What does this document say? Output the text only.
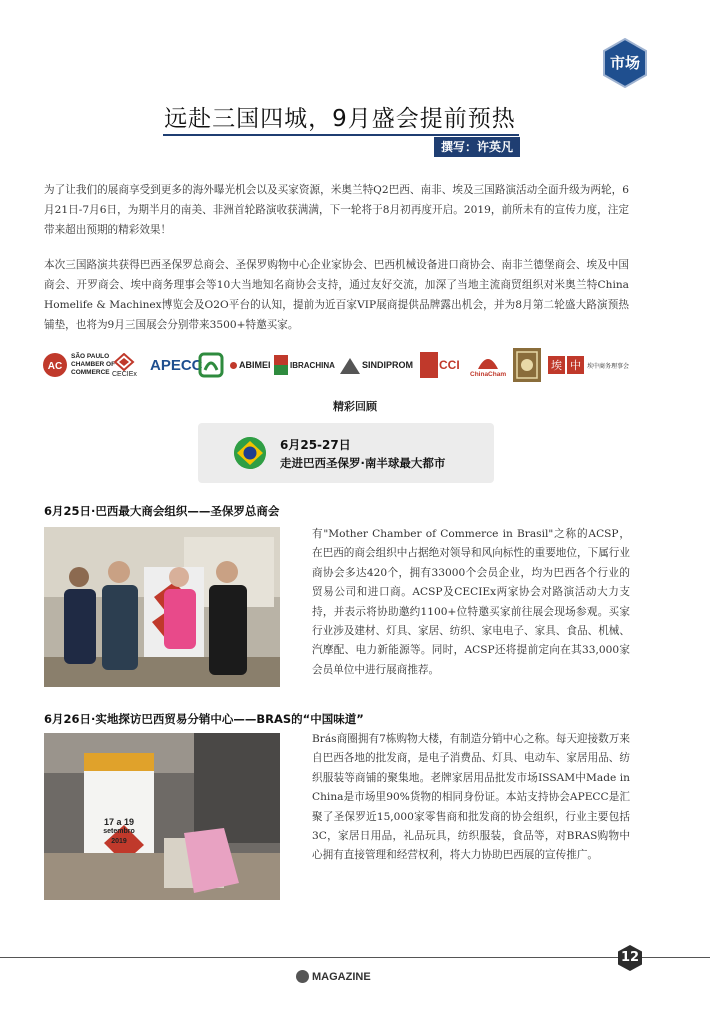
市场
远赴三国四城，9月盛会提前预热
撰写：许英凡
为了让我们的展商享受到更多的海外曝光机会以及买家资源，米奥兰特Q2巴西、南非、埃及三国路演活动全面升级为两轮，6月21日-7月6日，为期半月的南美、非洲首轮路演收获满满，下一轮将于8月初再度开启。2019，前所未有的宣传力度，注定带来超出预期的精彩效果！
本次三国路演共获得巴西圣保罗总商会、圣保罗购物中心企业家协会、巴西机械设备进口商协会、南非兰德堡商会、埃及中国商会、开罗商会、埃中商务理事会等10大当地知名商协会支持，通过友好交流，加深了当地主流商贸组织对米奥兰特China Homelife & Machinex博览会及O2O平台的认知，提前为近百家VIP展商提供品牌露出机会，并为8月第二轮盛大路演预热铺垫，也将为9月三国展会分别带来3500+特邀买家。
AC
SÃO PAULO
CHAMBER OF
COMMERCE CECIEx
APECC	ABIMEI IBRACHINA	SINDIPROM CCI
ChinaCham
埃 中 埃中商务理事会
精彩回顾
6月25-27日
走进巴西圣保罗·南半球最大都市
6月25日·巴西最大商会组织——圣保罗总商会
有"Mother Chamber of Commerce in Brasil"之称的ACSP，在巴西的商会组织中占据绝对领导和风向标性的重要地位，下属行业商协会多达420个，拥有33000个会员企业，均为巴西各个行业的贸易公司和进口商。ACSP及CECIEx两家协会对路演活动大力支持，并表示将协助邀约1100+位特邀买家前往展会现场参观。买家行业涉及建材、灯具、家居、纺织、家电电子、家具、食品、机械、汽摩配、电力新能源等。同时，ACSP还将提前定向在其33,000家会员单位中进行展商推荐。
6月26日·实地探访巴西贸易分销中心——BRAS的“中国味道”
17 a 19
setembro
2019
Brás商圈拥有7栋购物大楼，有制造分销中心之称。每天迎接数万来自巴西各地的批发商，是电子消费品、灯具、电动车、家居用品、纺织服装等商铺的聚集地。老牌家居用品批发市场ISSAM中Made in China是市场里90%货物的相同身份证。本站支持协会APECC是汇聚了圣保罗近15,000家零售商和批发商的协会组织，行业主要包括3C，家居日用品，礼品玩具，纺织服装，食品等，对BRAS购物中心拥有直接管理和经营权利，将大力协助巴西展的宣传推广。
12
MAGAZINE
